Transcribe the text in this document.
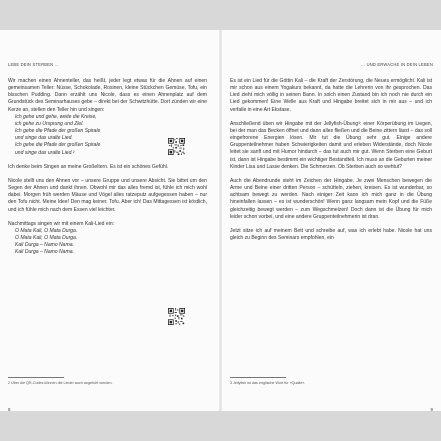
LEBE DEIN STERBEN …

Wir machen einen Ahnenteller, das heißt, jeder legt etwas für die Ahnen auf einen gemeinsamen Teller: Nüsse, Schokolade, Rosinen, kleine Stückchen Gemüse, Tofu, ein bisschen Pudding. Dann erzählt uns Nicole, dass es einen Ahnenplatz auf dem Grundstück des Seminarhauses gebe – direkt bei der Schwitzhütte. Dort zünden wir eine Kerze an, stellen den Teller hin und singen:

Ich gehe und gehe, weite die Kreise,
ich gehe zu Ursprung und Ziel.
Ich gehe die Pfade der großen Spirale
und singe das uralte Lied.
Ich gehe die Pfade der großen Spirale
und singe das uralte Lied.²

Ich denke beim Singen an meine Großeltern. Es ist ein schönes Gefühl.

Nicole stellt uns den Ahnen vor – unsere Gruppe und unsere Absicht. Sie bittet um den Segen der Ahnen und dankt ihnen. Obwohl mir das alles fremd ist, fühle ich mich wohl dabei. Morgen früh werden Mäuse und Vögel alles ratzeputz aufgegessen haben – nur den Tofu nicht. Meine Idee! Den mag keiner. Tofu. Aber ich! Das Mittagessen ist köstlich, und ich fühle mich nach dem Essen viel leichter.

Nachmittags singen wir mit einem Kali-Lied ein:

O Mata Kali, O Mata Durga.
O Mata Kali, O Mata Durga.
Kali Durga – Namo Nama.
Kali Durga – Namo Nama.
2 Über die QR-Codes können die Lieder auch angehört werden.
8
… UND ERWACHE IN DEIN LEBEN

Es ist ein Lied für die Göttin Kali – die Kraft der Zerstörung, die Neues ermöglicht. Kali ist mir schon aus einem Yogakurs bekannt, da hatte die Lehrerin von ihr gesprochen. Das Lied zieht mich völlig in seinen Bann. In solch einen Zustand bin ich noch nie durch ein Lied gekommen! Eine Welle aus Kraft und Hingabe breitet sich in mir aus – und ich verfalle in eine Art Ekstase.

Anschließend üben wir Hingabe mit der Jellyfish-Übung³: einer Körperübung im Liegen, bei der man das Becken öffnet und dann alles fließen und die Beine zittern lässt – das soll eingefrorene Energien lösen. Mir tut die Übung sehr gut. Einige andere Gruppenteilnehmer haben Schwierigkeiten damit und erleben Widerstände, doch Nicole leitet sie sanft und mit Humor hindurch – das tut auch mir gut. Wenn Sterben eine Geburt ist, dann ist Hingabe bestimmt ein wichtiger Bestandteil. Ich muss an die Geburten meiner Kinder Lisa und Lasse denken. Die Schmerzen. Ob Sterben auch so wehtut?

Auch die Abendrunde steht im Zeichen der Hingabe. Je zwei Menschen bewegen die Arme und Beine einer dritten Person – schütteln, ziehen, kreisen. Es ist wunderbar, so achtsam bewegt zu werden. Nach einiger Zeit kann ich mich ganz in die Übung hineinfallen lassen – es ist wunderschön! Wenn ganz langsam mein Kopf und die Füße gleichzeitig bewegt werden – zum Wegschmelzen! Doch dann ist die Übung für mich leider schon vorbei, und eine andere Gruppenteilnehmerin ist dran.

Jetzt sitze ich auf meinem Bett und schreibe auf, was ich erlebt habe. Nicole hat uns gleich zu Beginn des Seminars empfohlen, ein

3 Jellyfish ist das englische Wort für »Qualle«.
9
